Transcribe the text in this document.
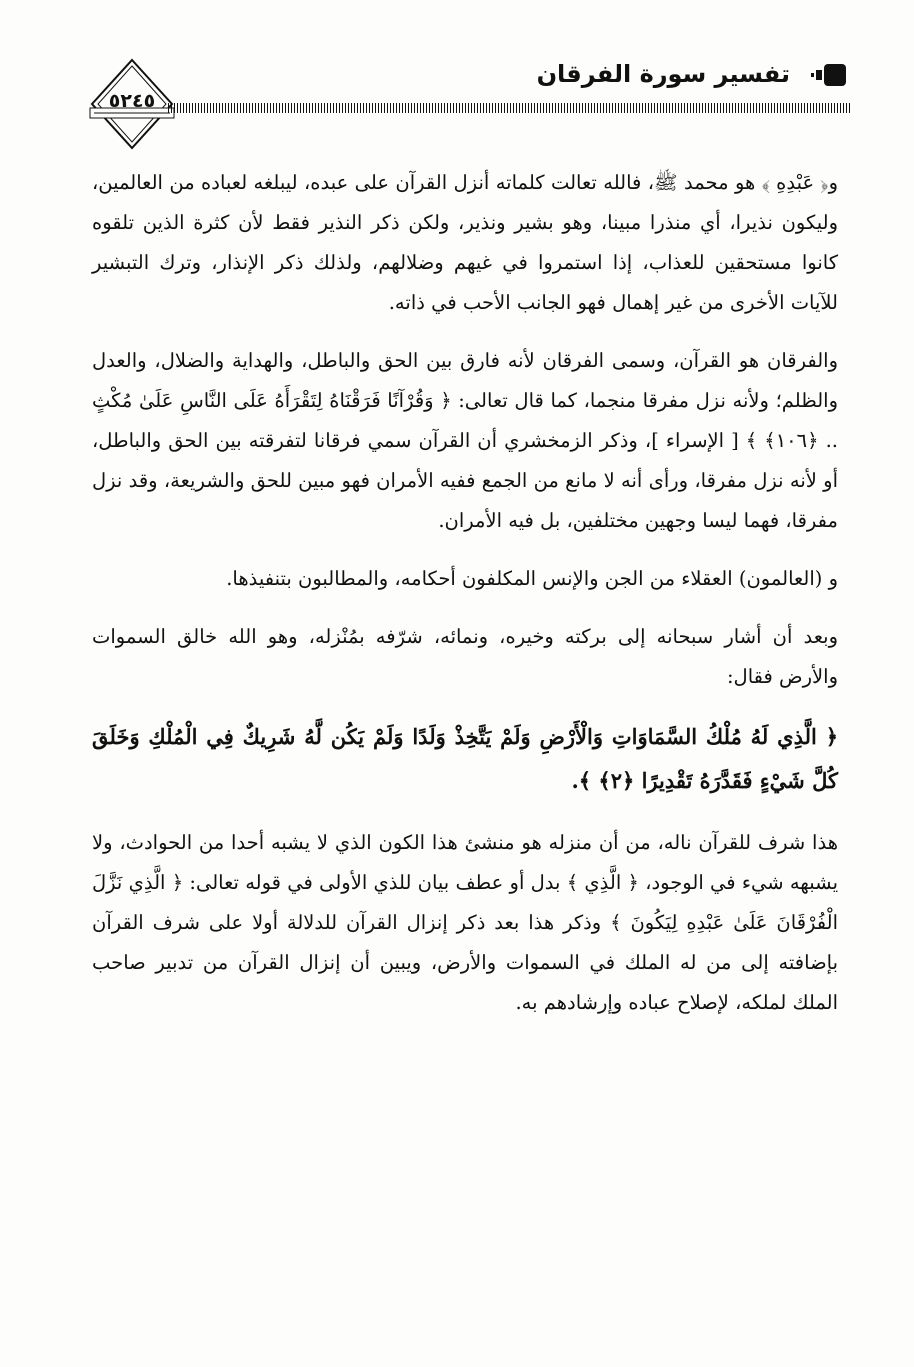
٥٢٤٥
تفسير سورة الفرقان

و﴿ عَبْدِهِ ﴾ هو محمد ﷺ، فالله تعالت كلماته أنزل القرآن على عبده، ليبلغه لعباده من العالمين، وليكون نذيرا، أي منذرا مبينا، وهو بشير ونذير، ولكن ذكر النذير فقط لأن كثرة الذين تلقوه كانوا مستحقين للعذاب، إذا استمروا في غيهم وضلالهم، ولذلك ذكر الإنذار، وترك التبشير للآيات الأخرى من غير إهمال فهو الجانب الأحب في ذاته.

والفرقان هو القرآن، وسمى الفرقان لأنه فارق بين الحق والباطل، والهداية والضلال، والعدل والظلم؛ ولأنه نزل مفرقا منجما، كما قال تعالى: ﴿ وَقُرْآنًا فَرَقْنَاهُ لِتَقْرَأَهُ عَلَى النَّاسِ عَلَىٰ مُكْثٍ .. ﴿١٠٦﴾ ﴾ [ الإسراء ]، وذكر الزمخشري أن القرآن سمي فرقانا لتفرقته بين الحق والباطل، أو لأنه نزل مفرقا، ورأى أنه لا مانع من الجمع ففيه الأمران فهو مبين للحق والشريعة، وقد نزل مفرقا، فهما ليسا وجهين مختلفين، بل فيه الأمران.

و (العالمون) العقلاء من الجن والإنس المكلفون أحكامه، والمطالبون بتنفيذها.

وبعد أن أشار سبحانه إلى بركته وخيره، ونمائه، شرّفه بمُنْزله، وهو الله خالق السموات والأرض فقال:

﴿ الَّذِي لَهُ مُلْكُ السَّمَاوَاتِ وَالْأَرْضِ وَلَمْ يَتَّخِذْ وَلَدًا وَلَمْ يَكُن لَّهُ شَرِيكٌ فِي الْمُلْكِ وَخَلَقَ كُلَّ شَيْءٍ فَقَدَّرَهُ تَقْدِيرًا ﴿٢﴾ ﴾.

هذا شرف للقرآن ناله، من أن منزله هو منشئ هذا الكون الذي لا يشبه أحدا من الحوادث، ولا يشبهه شيء في الوجود، ﴿ الَّذِي ﴾ بدل أو عطف بيان للذي الأولى في قوله تعالى: ﴿ الَّذِي نَزَّلَ الْفُرْقَانَ عَلَىٰ عَبْدِهِ لِيَكُونَ ﴾ وذكر هذا بعد ذكر إنزال القرآن للدلالة أولا على شرف القرآن بإضافته إلى من له الملك في السموات والأرض، ويبين أن إنزال القرآن من تدبير صاحب الملك لملكه، لإصلاح عباده وإرشادهم به.
